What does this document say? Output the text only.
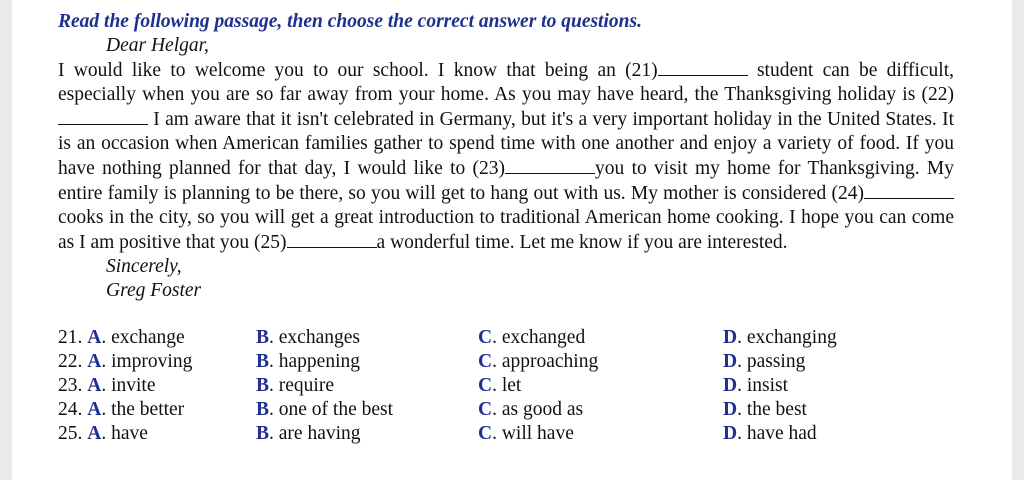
Read the following passage, then choose the correct answer to questions.
Dear Helgar,

I would like to welcome you to our school. I know that being an (21)	student can be difficult, especially when you are so far away from your home. As you may have heard, the Thanksgiving holiday is (22) I am aware that it isn't celebrated in Germany, but it's a very important holiday in the United States. It is an occasion when American families gather to spend time with one another and enjoy a variety of food. If you have nothing planned for that day, I would like to (23)	you to visit my home for Thanksgiving. My entire family is planning to be there, so you will get to hang out with us. My mother is considered (24)cooks in the city, so you will get a great introduction to traditional American home cooking. I hope you can come as I am positive that you (25)	a wonderful time. Let me know if you are interested.

Sincerely,
Greg Foster
21. A. exchange	B. exchanges	C. exchanged	D. exchanging
22. A. improving	B. happening	C. approaching	D. passing
23. A. invite	B. require	C. let	D. insist
24. A. the better	B. one of the best	C. as good as	D. the best
25. A. have	B. are having	C. will have	D. have had
